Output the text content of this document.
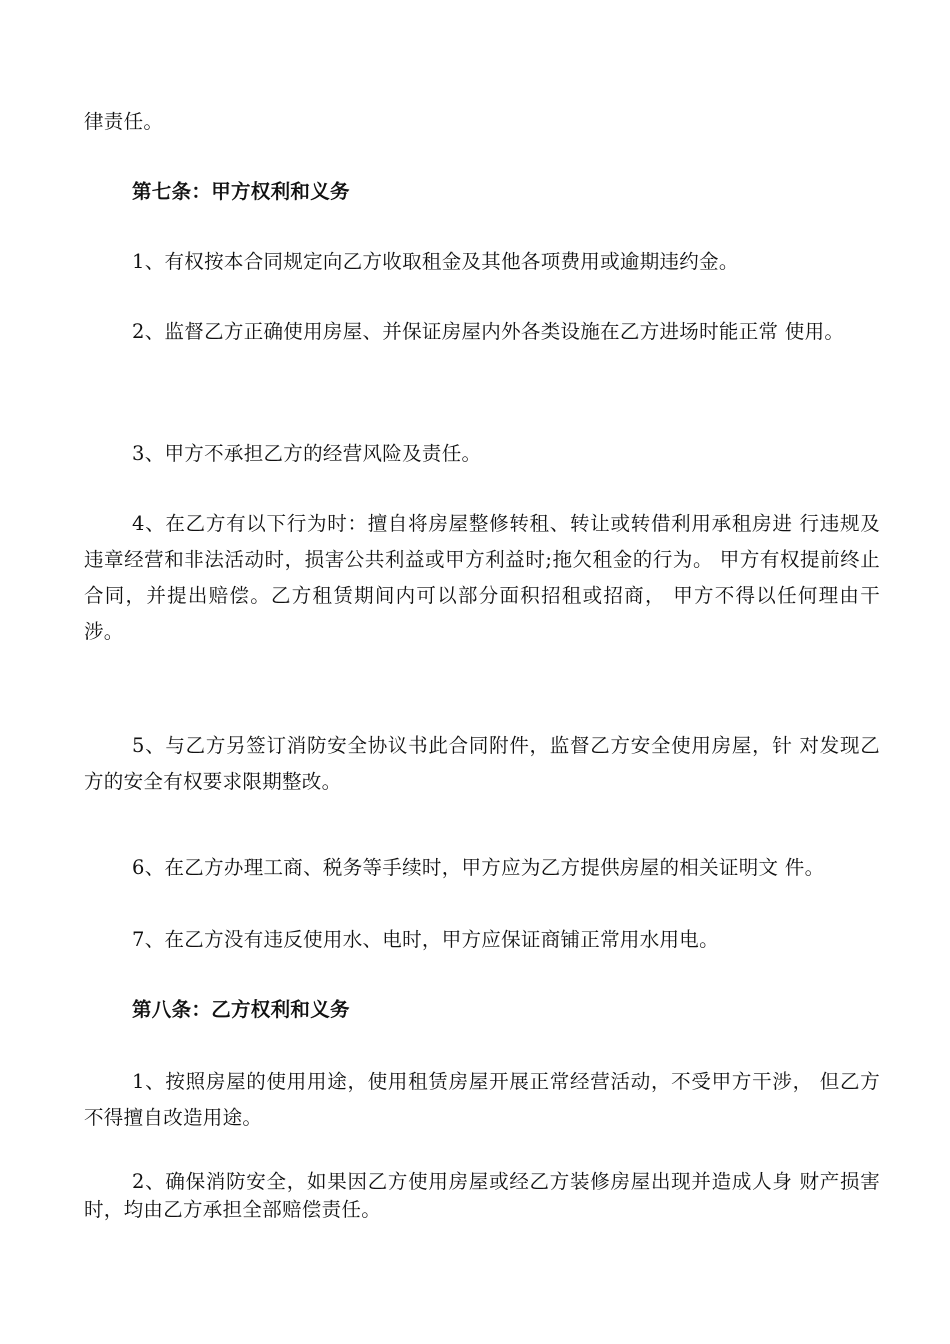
律责任。

第七条：甲方权利和义务

1、有权按本合同规定向乙方收取租金及其他各项费用或逾期违约金。

2、监督乙方正确使用房屋、并保证房屋内外各类设施在乙方进场时能正常 使用。

3、甲方不承担乙方的经营风险及责任。

4、在乙方有以下行为时：擅自将房屋整修转租、转让或转借利用承租房进 行违规及违章经营和非法活动时，损害公共利益或甲方利益时;拖欠租金的行为。 甲方有权提前终止合同，并提出赔偿。乙方租赁期间内可以部分面积招租或招商， 甲方不得以任何理由干涉。

5、与乙方另签订消防安全协议书此合同附件，监督乙方安全使用房屋，针 对发现乙方的安全有权要求限期整改。

6、在乙方办理工商、税务等手续时，甲方应为乙方提供房屋的相关证明文 件。

7、在乙方没有违反使用水、电时，甲方应保证商铺正常用水用电。

第八条：乙方权利和义务

1、按照房屋的使用用途，使用租赁房屋开展正常经营活动，不受甲方干涉， 但乙方不得擅自改造用途。

2、确保消防安全，如果因乙方使用房屋或经乙方装修房屋出现并造成人身 财产损害时，均由乙方承担全部赔偿责任。
